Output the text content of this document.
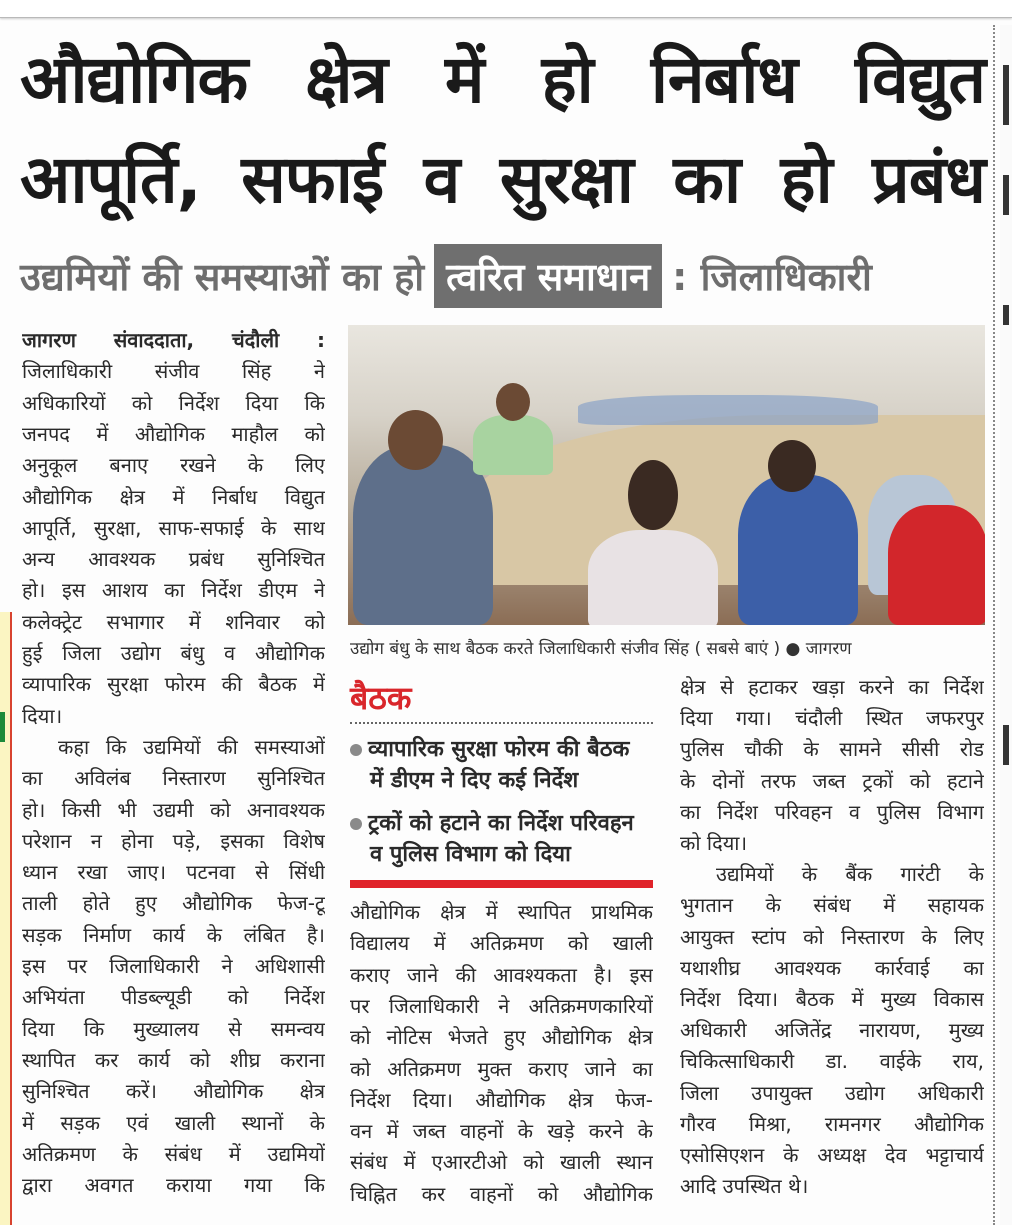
औद्योगिक क्षेत्र में हो निर्बाध विद्युत
आपूर्ति, सफाई व सुरक्षा का हो प्रबंध
उद्यमियों की समस्याओं का हो त्वरित समाधान : जिलाधिकारी
जागरण संवाददाता, चंदौली :
जिलाधिकारी संजीव सिंह ने
अधिकारियों को निर्देश दिया कि
जनपद में औद्योगिक माहौल को
अनुकूल बनाए रखने के लिए
औद्योगिक क्षेत्र में निर्बाध विद्युत
आपूर्ति, सुरक्षा, साफ-सफाई के साथ
अन्य आवश्यक प्रबंध सुनिश्चित
हो। इस आशय का निर्देश डीएम ने
कलेक्ट्रेट सभागार में शनिवार को
हुई जिला उद्योग बंधु व औद्योगिक
व्यापारिक सुरक्षा फोरम की बैठक में
दिया।
कहा कि उद्यमियों की समस्याओं
का अविलंब निस्तारण सुनिश्चित
हो। किसी भी उद्यमी को अनावश्यक
परेशान न होना पड़े, इसका विशेष
ध्यान रखा जाए। पटनवा से सिंधी
ताली होते हुए औद्योगिक फेज-टू
सड़क निर्माण कार्य के लंबित है।
इस पर जिलाधिकारी ने अधिशासी
अभियंता पीडब्ल्यूडी को निर्देश
दिया कि मुख्यालय से समन्वय
स्थापित कर कार्य को शीघ्र कराना
सुनिश्चित करें। औद्योगिक क्षेत्र
में सड़क एवं खाली स्थानों के
अतिक्रमण के संबंध में उद्यमियों
द्वारा अवगत कराया गया कि
उद्योग बंधु के साथ बैठक करते जिलाधिकारी संजीव सिंह ( सबसे बाएं ) ● जागरण
बैठक
व्यापारिक सुरक्षा फोरम की बैठक
में डीएम ने दिए कई निर्देश
ट्रकों को हटाने का निर्देश परिवहन
व पुलिस विभाग को दिया
औद्योगिक क्षेत्र में स्थापित प्राथमिक
विद्यालय में अतिक्रमण को खाली
कराए जाने की आवश्यकता है। इस
पर जिलाधिकारी ने अतिक्रमणकारियों
को नोटिस भेजते हुए औद्योगिक क्षेत्र
को अतिक्रमण मुक्त कराए जाने का
निर्देश दिया। औद्योगिक क्षेत्र फेज-
वन में जब्त वाहनों के खड़े करने के
संबंध में एआरटीओ को खाली स्थान
चिह्नित कर वाहनों को औद्योगिक
क्षेत्र से हटाकर खड़ा करने का निर्देश
दिया गया। चंदौली स्थित जफरपुर
पुलिस चौकी के सामने सीसी रोड
के दोनों तरफ जब्त ट्रकों को हटाने
का निर्देश परिवहन व पुलिस विभाग
को दिया।
उद्यमियों के बैंक गारंटी के
भुगतान के संबंध में सहायक
आयुक्त स्टांप को निस्तारण के लिए
यथाशीघ्र आवश्यक कार्रवाई का
निर्देश दिया। बैठक में मुख्य विकास
अधिकारी अजितेंद्र नारायण, मुख्य
चिकित्साधिकारी डा. वाईके राय,
जिला उपायुक्त उद्योग अधिकारी
गौरव मिश्रा, रामनगर औद्योगिक
एसोसिएशन के अध्यक्ष देव भट्टाचार्य
आदि उपस्थित थे।
